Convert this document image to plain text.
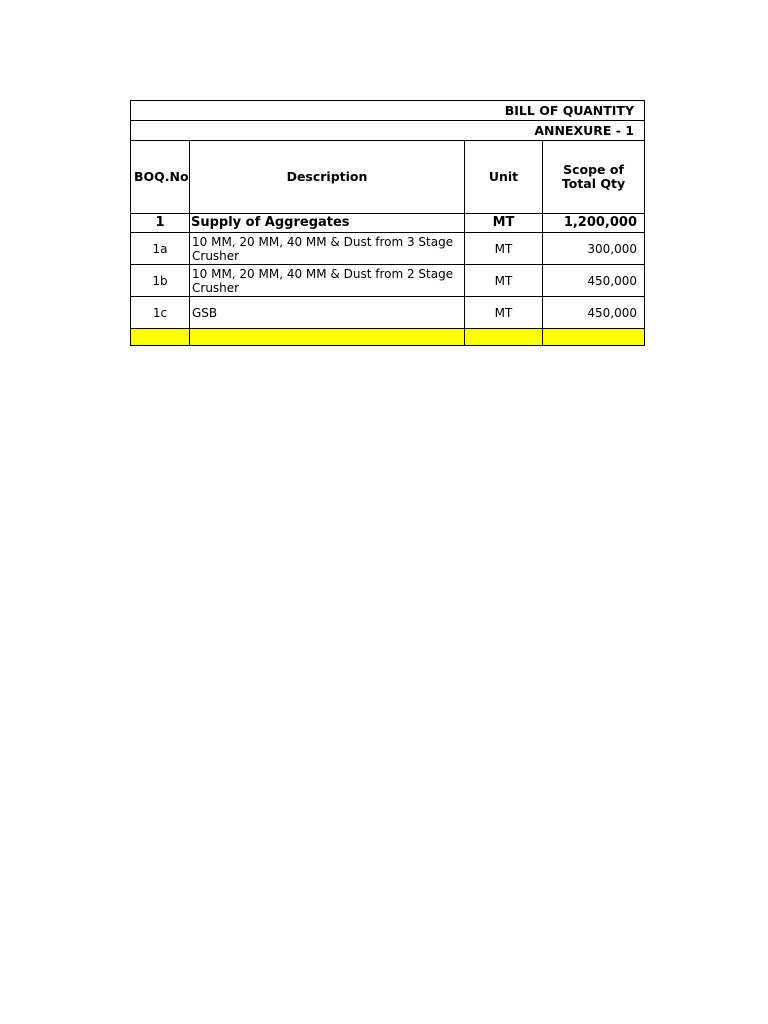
BILL OF QUANTITY			
ANNEXURE - 1			
BOQ.No	Description	Unit	Scope of Total Qty
1	Supply of Aggregates	MT	1,200,000
1a	10 MM, 20 MM, 40 MM & Dust from 3 Stage Crusher	MT	300,000
1b	10 MM, 20 MM, 40 MM & Dust from 2 Stage Crusher	MT	450,000
1c	GSB	MT	450,000
